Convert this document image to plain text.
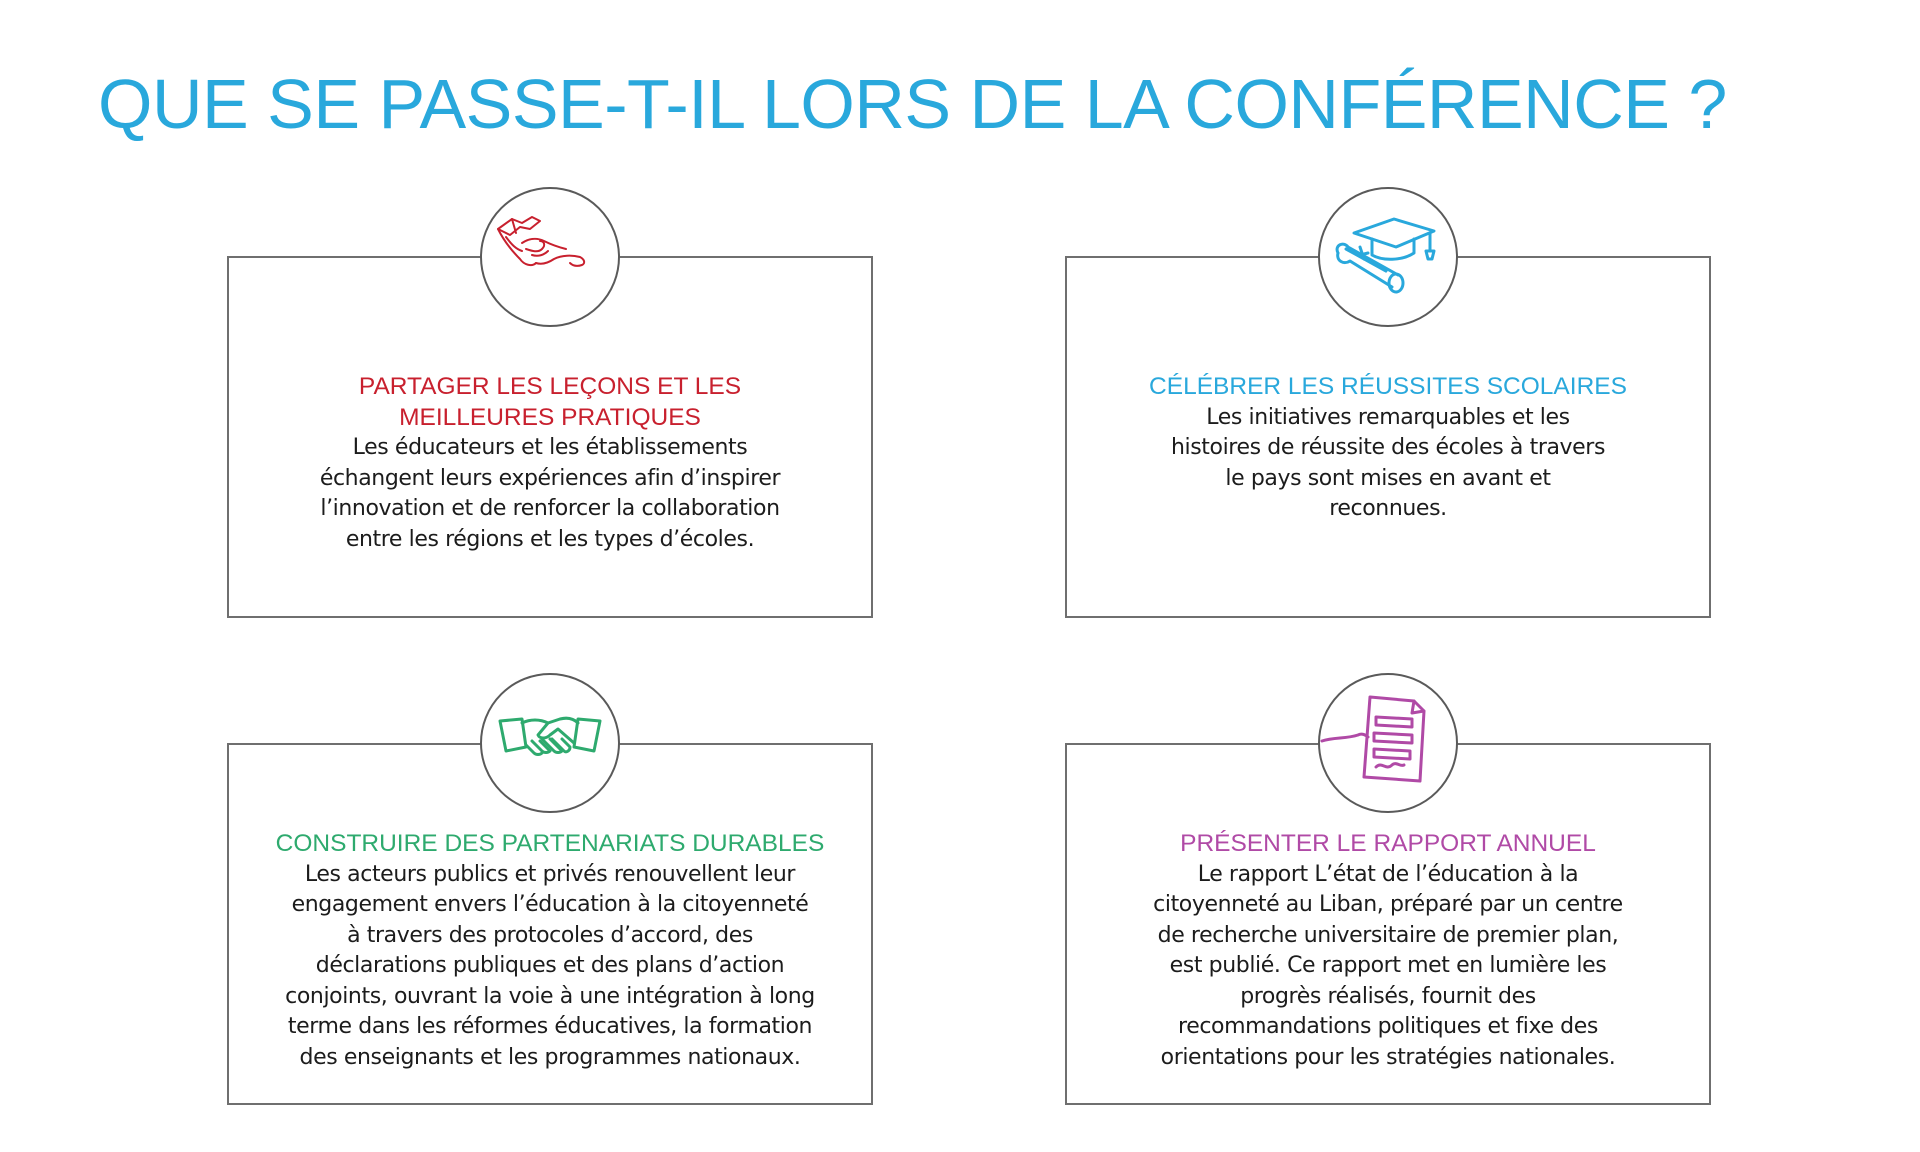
QUE SE PASSE-T-IL LORS DE LA CONFÉRENCE ?

PARTAGER LES LEÇONS ET LES
MEILLEURES PRATIQUES

Les éducateurs et les établissements
échangent leurs expériences afin d’inspirer
l’innovation et de renforcer la collaboration
entre les régions et les types d’écoles.

CÉLÉBRER LES RÉUSSITES SCOLAIRES

Les initiatives remarquables et les
histoires de réussite des écoles à travers
le pays sont mises en avant et
reconnues.

CONSTRUIRE DES PARTENARIATS DURABLES

Les acteurs publics et privés renouvellent leur
engagement envers l’éducation à la citoyenneté
à travers des protocoles d’accord, des
déclarations publiques et des plans d’action
conjoints, ouvrant la voie à une intégration à long
terme dans les réformes éducatives, la formation
des enseignants et les programmes nationaux.

PRÉSENTER LE RAPPORT ANNUEL

Le rapport L’état de l’éducation à la
citoyenneté au Liban, préparé par un centre
de recherche universitaire de premier plan,
est publié. Ce rapport met en lumière les
progrès réalisés, fournit des
recommandations politiques et fixe des
orientations pour les stratégies nationales.
